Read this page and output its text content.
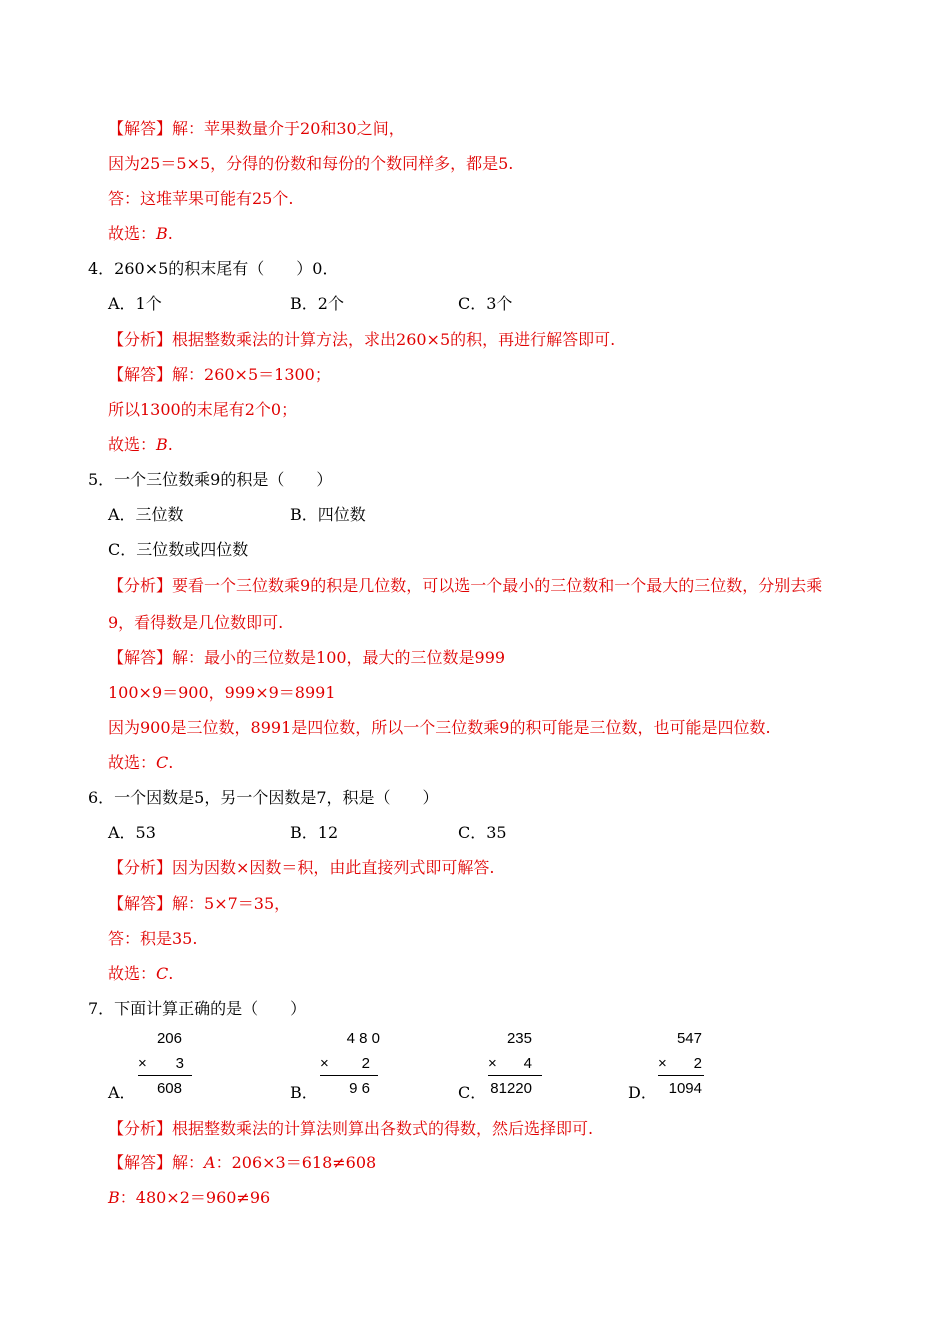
【解答】解：苹果数量介于20和30之间，
因为25＝5×5，分得的份数和每份的个数同样多，都是5.
答：这堆苹果可能有25个.
故选：B.
4．260×5的积末尾有（　　）0．
A．1个	B．2个	C．3个
【分析】根据整数乘法的计算方法，求出260×5的积，再进行解答即可.
【解答】解：260×5＝1300；
所以1300的末尾有2个0；
故选：B.
5．一个三位数乘9的积是（　　）
A．三位数	B．四位数
C．三位数或四位数
【分析】要看一个三位数乘9的积是几位数，可以选一个最小的三位数和一个最大的三位数，分别去乘
9，看得数是几位数即可.
【解答】解：最小的三位数是100，最大的三位数是999
100×9＝900，999×9＝8991
因为900是三位数，8991是四位数，所以一个三位数乘9的积可能是三位数，也可能是四位数.
故选：C.
6．一个因数是5，另一个因数是7，积是（　　）
A．53	B．12	C．35
【分析】因为因数×因数＝积，由此直接列式即可解答.
【解答】解：5×7＝35，
答：积是35.
故选：C.
7．下面计算正确的是（　　）
A．
206
× 3
608	B．
4 8 0
× 2
9 6	C．
235
× 4
81220	D．
547
× 2
1094
【分析】根据整数乘法的计算法则算出各数式的得数，然后选择即可.
【解答】解：A：206×3＝618≠608
B：480×2＝960≠96
